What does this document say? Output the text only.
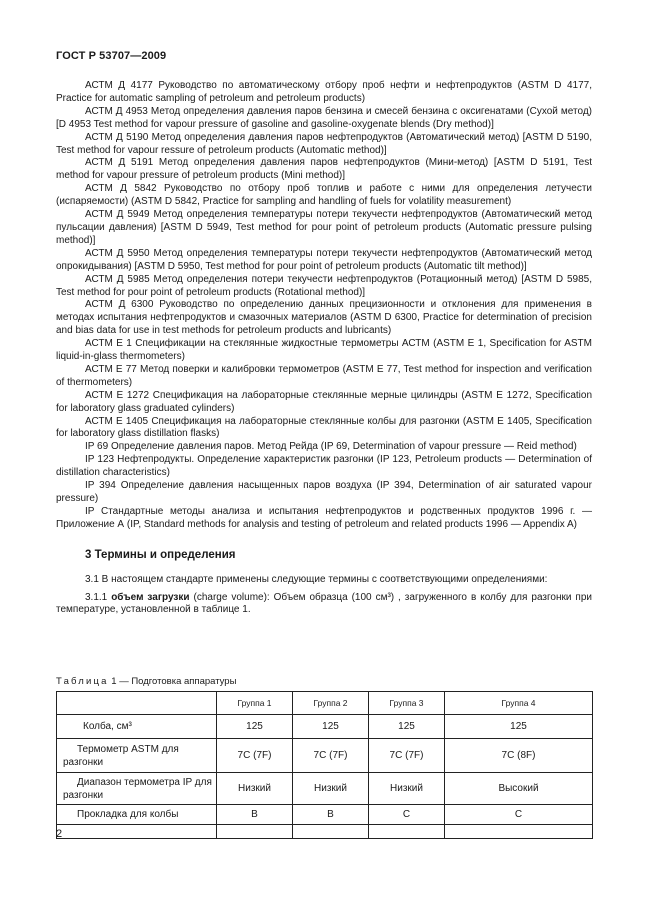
ГОСТ Р 53707—2009

АСТМ Д 4177 Руководство по автоматическому отбору проб нефти и нефтепродуктов (ASTM D 4177, Practice for automatic sampling of petroleum and petroleum products)

АСТМ Д 4953 Метод определения давления паров бензина и смесей бензина с оксигенатами (Сухой метод) [D 4953 Test method for vapour pressure of gasoline and gasoline-oxygenate blends (Dry method)]

АСТМ Д 5190 Метод определения давления паров нефтепродуктов (Автоматический метод) [ASTM D 5190, Test method for vapour ressure of petroleum products (Automatic method)]

АСТМ Д 5191 Метод определения давления паров нефтепродуктов (Мини-метод) [ASTM D 5191, Test method for vapour pressure of petroleum products (Mini method)]

АСТМ Д 5842 Руководство по отбору проб топлив и работе с ними для определения летучести (испаряемости) (ASTM D 5842, Practice for sampling and handling of fuels for volatility measurement)

АСТМ Д 5949 Метод определения температуры потери текучести нефтепродуктов (Автоматический метод пульсации давления) [ASTM D 5949, Test method for pour point of petroleum products (Automatic pressure pulsing method)]

АСТМ Д 5950 Метод определения температуры потери текучести нефтепродуктов (Автоматический метод опрокидывания) [ASTM D 5950, Test method for pour point of petroleum products (Automatic tilt method)]

АСТМ Д 5985 Метод определения потери текучести нефтепродуктов (Ротационный метод) [ASTM D 5985, Test method for pour point of petroleum products (Rotational method)]

АСТМ Д 6300 Руководство по определению данных прецизионности и отклонения для применения в методах испытания нефтепродуктов и смазочных материалов (ASTM D 6300, Practice for determination of precision and bias data for use in test methods for petroleum products and lubricants)

АСТМ Е 1 Спецификации на стеклянные жидкостные термометры АСТМ (ASTM E 1, Specification for ASTM liquid-in-glass thermometers)

АСТМ Е 77 Метод поверки и калибровки термометров (ASTM E 77, Test method for inspection and verification of thermometers)

АСТМ Е 1272 Спецификация на лабораторные стеклянные мерные цилиндры (ASTM E 1272, Specification for laboratory glass graduated cylinders)

АСТМ Е 1405 Спецификация на лабораторные стеклянные колбы для разгонки (ASTM E 1405, Specification for laboratory glass distillation flasks)

IP 69 Определение давления паров. Метод Рейда (IP 69, Determination of vapour pressure — Reid method)

IP 123 Нефтепродукты. Определение характеристик разгонки (IP 123, Petroleum products — Determination of distillation characteristics)

IP 394 Определение давления насыщенных паров воздуха (IP 394, Determination of air saturated vapour pressure)

IP Стандартные методы анализа и испытания нефтепродуктов и родственных продуктов 1996 г. — Приложение А (IP, Standard methods for analysis and testing of petroleum and related products 1996 — Appendix A)

3 Термины и определения

3.1 В настоящем стандарте применены следующие термины с соответствующими определениями:

3.1.1 объем загрузки (charge volume): Объем образца (100 см³) , загруженного в колбу для разгонки при температуре, установленной в таблице 1.

Таблица 1 — Подготовка аппаратуры
	Группа 1	Группа 2	Группа 3	Группа 4
Колба, см³	125	125	125	125
Термометр ASTM для разгонки	7C (7F)	7C (7F)	7C (7F)	7C (8F)
Диапазон термометра IP для разгонки	Низкий	Низкий	Низкий	Высокий
Прокладка для колбы	B	B	C	C

2
